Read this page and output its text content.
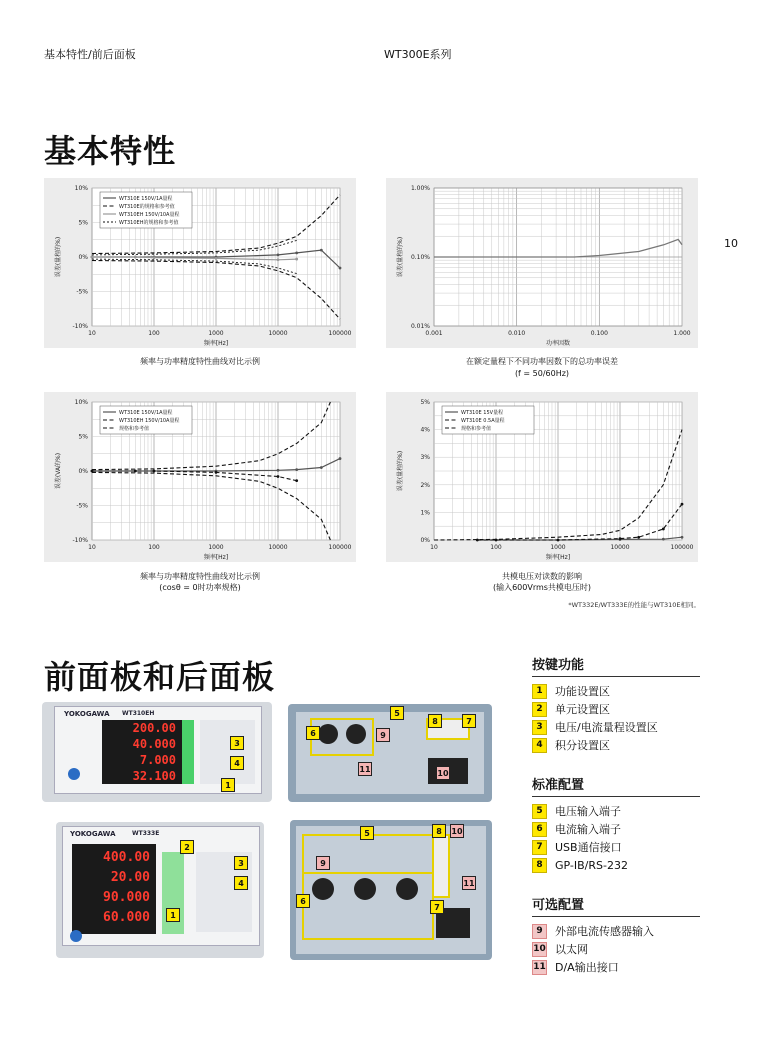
基本特性/前后面板	WT300E系列
10
基本特性
10%
5%
0%
-5%
-10%
10	100	1000	10000	100000
频率[Hz]
误差(量程的%)
WT310E 150V/1A量程
WT310E的规格和参考值
WT310EH 150V/10A量程
WT310EH的规格和参考值
1.00%
0.10%
0.01%
0.001	0.010	0.100	1.000
功率因数
误差(量程的%)
频率与功率精度特性曲线对比示例	在额定量程下不同功率因数下的总功率误差
(f = 50/60Hz)
10%
5%
0%
-5%
-10%
10	100	1000	10000	100000
频率[Hz]
误差(VA的%)
WT310E 150V/1A量程
WT310EH 150V/10A量程
规格和参考值
5%
4%
3%
2%
1%
0%
10	100	1000	10000	100000
频率[Hz]
误差(量程的%)
WT310E 15V量程
WT310E 0.5A量程
规格和参考值
频率与功率精度特性曲线对比示例
(cosθ = 0时功率规格)
共模电压对读数的影响
(输入600Vrms共模电压时)
*WT332E/WT333E的性能与WT310E相同。
前面板和后面板
YOKOGAWA WT310EH
200.00
40.000
7.000
32.100
1
3
4
6
5
9
8	7
11	10
YOKOGAWA	WT333E
400.00
20.00
90.000
60.000
2
3
4
1
5
6
9
8	10
11
7
按键功能
1	功能设置区
2	单元设置区
3	电压/电流量程设置区
4	积分设置区
标准配置
5	电压输入端子
6	电流输入端子
7	USB通信接口
8	GP-IB/RS-232
可选配置
9	外部电流传感器输入
10 以太网
11 D/A输出接口
